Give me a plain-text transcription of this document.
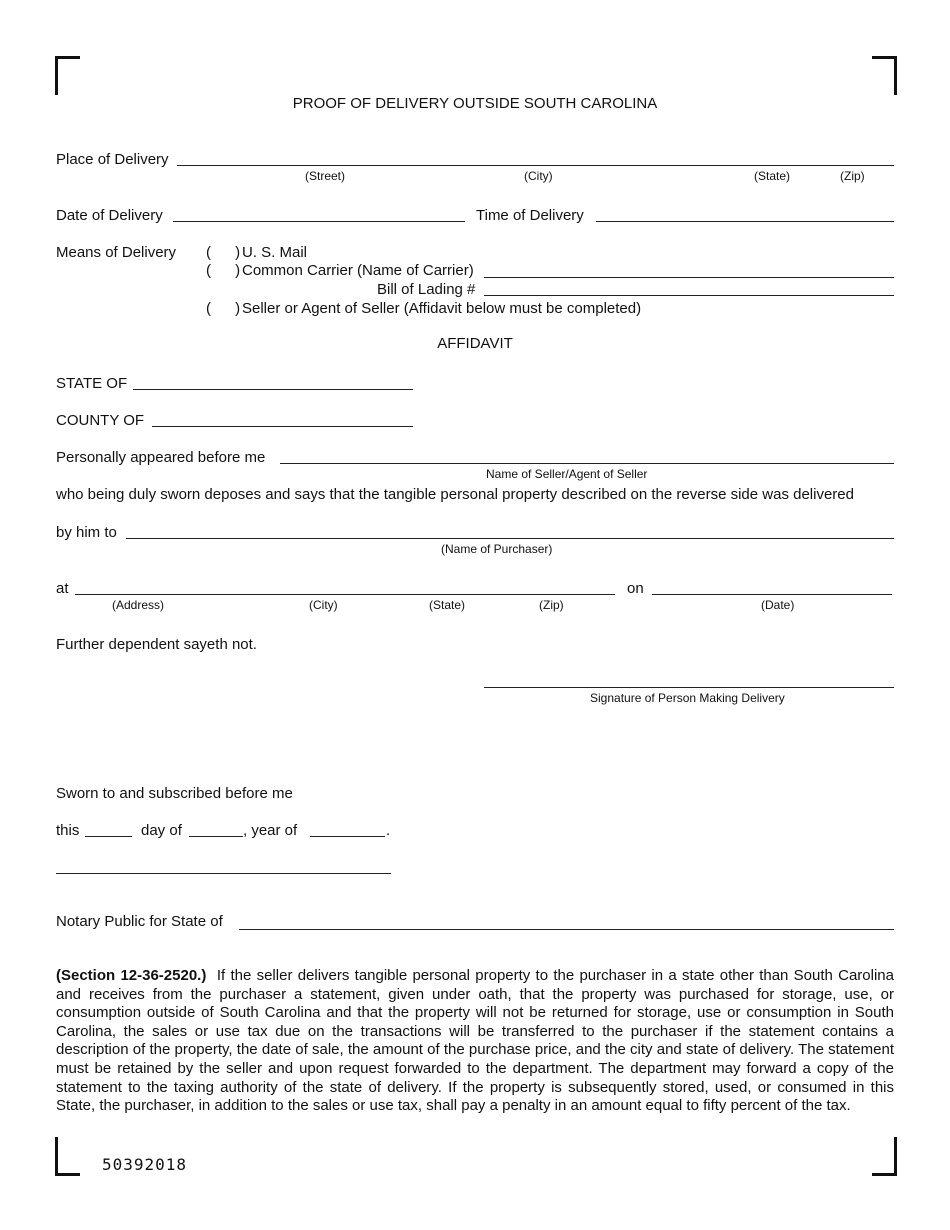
PROOF OF DELIVERY OUTSIDE SOUTH CAROLINA
Place of Delivery
(Street)	(City)	(State)	(Zip)
Date of Delivery	Time of Delivery
Means of Delivery ( )
U. S. Mail
( )
Common Carrier (Name of Carrier)
Bill of Lading #
( )
Seller or Agent of Seller (Affidavit below must be completed)
AFFIDAVIT
STATE OF
COUNTY OF
Personally appeared before me
Name of Seller/Agent of Seller
who being duly sworn deposes and says that the tangible personal property described on the reverse side was delivered
by him to
(Name of Purchaser)
at	on
(Address)	(City)	(State)	(Zip)	(Date)
Further dependent sayeth not.
Signature of Person Making Delivery
Sworn to and subscribed before me
this	day of	, year of	.
Notary Public for State of
(Section 12-36-2520.) If the seller delivers tangible personal property to the purchaser in a state other than South Carolina and receives from the purchaser a statement, given under oath, that the property was purchased for storage, use, or consumption outside of South Carolina and that the property will not be returned for storage, use or consumption in South Carolina, the sales or use tax due on the transactions will be transferred to the purchaser if the statement contains a description of the property, the date of sale, the amount of the purchase price, and the city and state of delivery. The statement must be retained by the seller and upon request forwarded to the department. The department may forward a copy of the statement to the taxing authority of the state of delivery. If the property is subsequently stored, used, or consumed in this State, the purchaser, in addition to the sales or use tax, shall pay a penalty in an amount equal to fifty percent of the tax.
50392018
